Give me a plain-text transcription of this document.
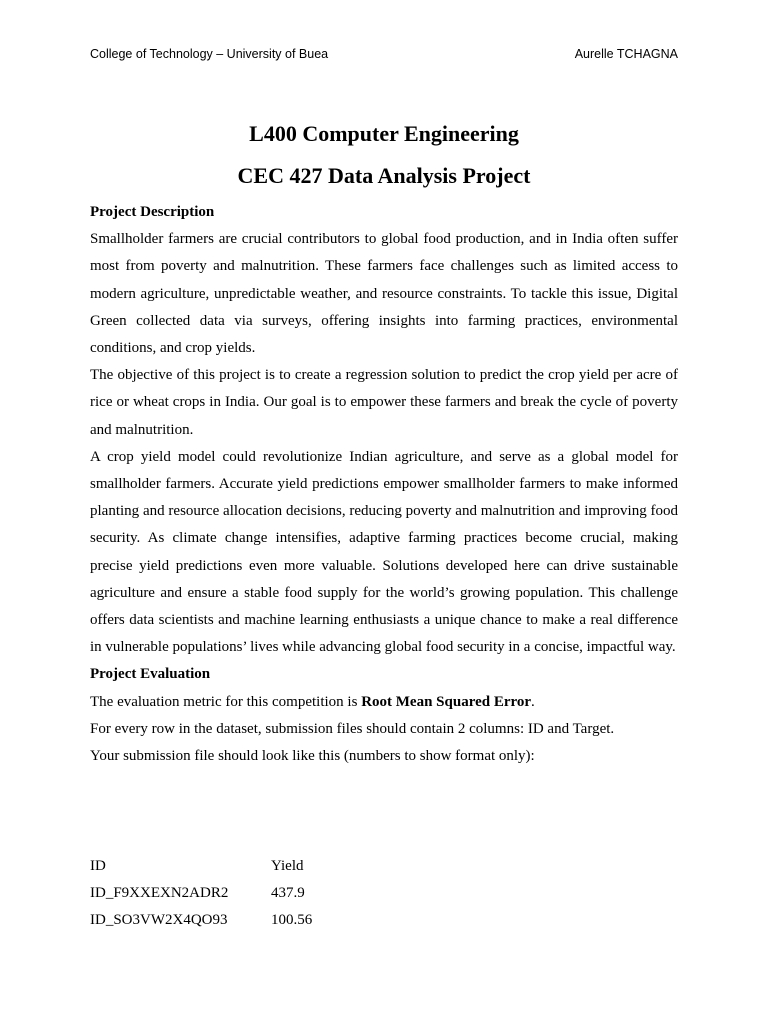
College of Technology – University of Buea	Aurelle TCHAGNA
L400 Computer Engineering
CEC 427 Data Analysis Project

Project Description

Smallholder farmers are crucial contributors to global food production, and in India often suffer most from poverty and malnutrition. These farmers face challenges such as limited access to modern agriculture, unpredictable weather, and resource constraints. To tackle this issue, Digital Green collected data via surveys, offering insights into farming practices, environmental conditions, and crop yields.

The objective of this project is to create a regression solution to predict the crop yield per acre of rice or wheat crops in India. Our goal is to empower these farmers and break the cycle of poverty and malnutrition.

A crop yield model could revolutionize Indian agriculture, and serve as a global model for smallholder farmers. Accurate yield predictions empower smallholder farmers to make informed planting and resource allocation decisions, reducing poverty and malnutrition and improving food security. As climate change intensifies, adaptive farming practices become crucial, making precise yield predictions even more valuable. Solutions developed here can drive sustainable agriculture and ensure a stable food supply for the world’s growing population. This challenge offers data scientists and machine learning enthusiasts a unique chance to make a real difference in vulnerable populations’ lives while advancing global food security in a concise, impactful way.

Project Evaluation

The evaluation metric for this competition is Root Mean Squared Error.

For every row in the dataset, submission files should contain 2 columns: ID and Target.

Your submission file should look like this (numbers to show format only):

ID	Yield
ID_F9XXEXN2ADR2	437.9
ID_SO3VW2X4QO93	100.56
